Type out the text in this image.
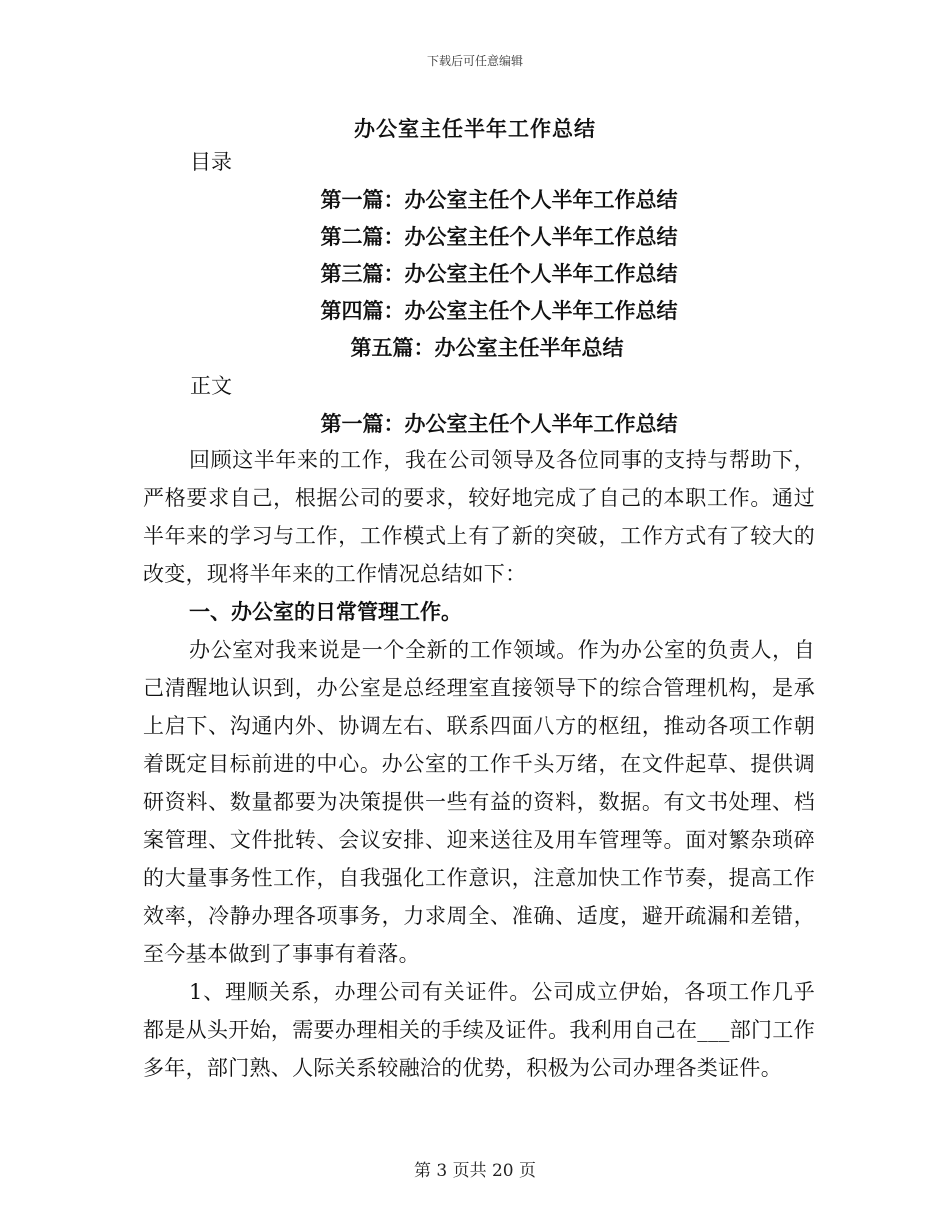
下载后可任意编辑
办公室主任半年工作总结
目录
第一篇：办公室主任个人半年工作总结
第二篇：办公室主任个人半年工作总结
第三篇：办公室主任个人半年工作总结
第四篇：办公室主任个人半年工作总结
第五篇：办公室主任半年总结
正文
第一篇：办公室主任个人半年工作总结
回顾这半年来的工作，我在公司领导及各位同事的支持与帮助下，严格要求自己，根据公司的要求，较好地完成了自己的本职工作。通过半年来的学习与工作，工作模式上有了新的突破，工作方式有了较大的改变，现将半年来的工作情况总结如下：
一、办公室的日常管理工作。
办公室对我来说是一个全新的工作领域。作为办公室的负责人，自己清醒地认识到，办公室是总经理室直接领导下的综合管理机构，是承上启下、沟通内外、协调左右、联系四面八方的枢纽，推动各项工作朝着既定目标前进的中心。办公室的工作千头万绪，在文件起草、提供调研资料、数量都要为决策提供一些有益的资料，数据。有文书处理、档案管理、文件批转、会议安排、迎来送往及用车管理等。面对繁杂琐碎的大量事务性工作，自我强化工作意识，注意加快工作节奏，提高工作效率，冷静办理各项事务，力求周全、准确、适度，避开疏漏和差错，至今基本做到了事事有着落。
1、理顺关系，办理公司有关证件。公司成立伊始，各项工作几乎都是从头开始，需要办理相关的手续及证件。我利用自己在___部门工作多年，部门熟、人际关系较融洽的优势，积极为公司办理各类证件。
第 3 页共 20 页
